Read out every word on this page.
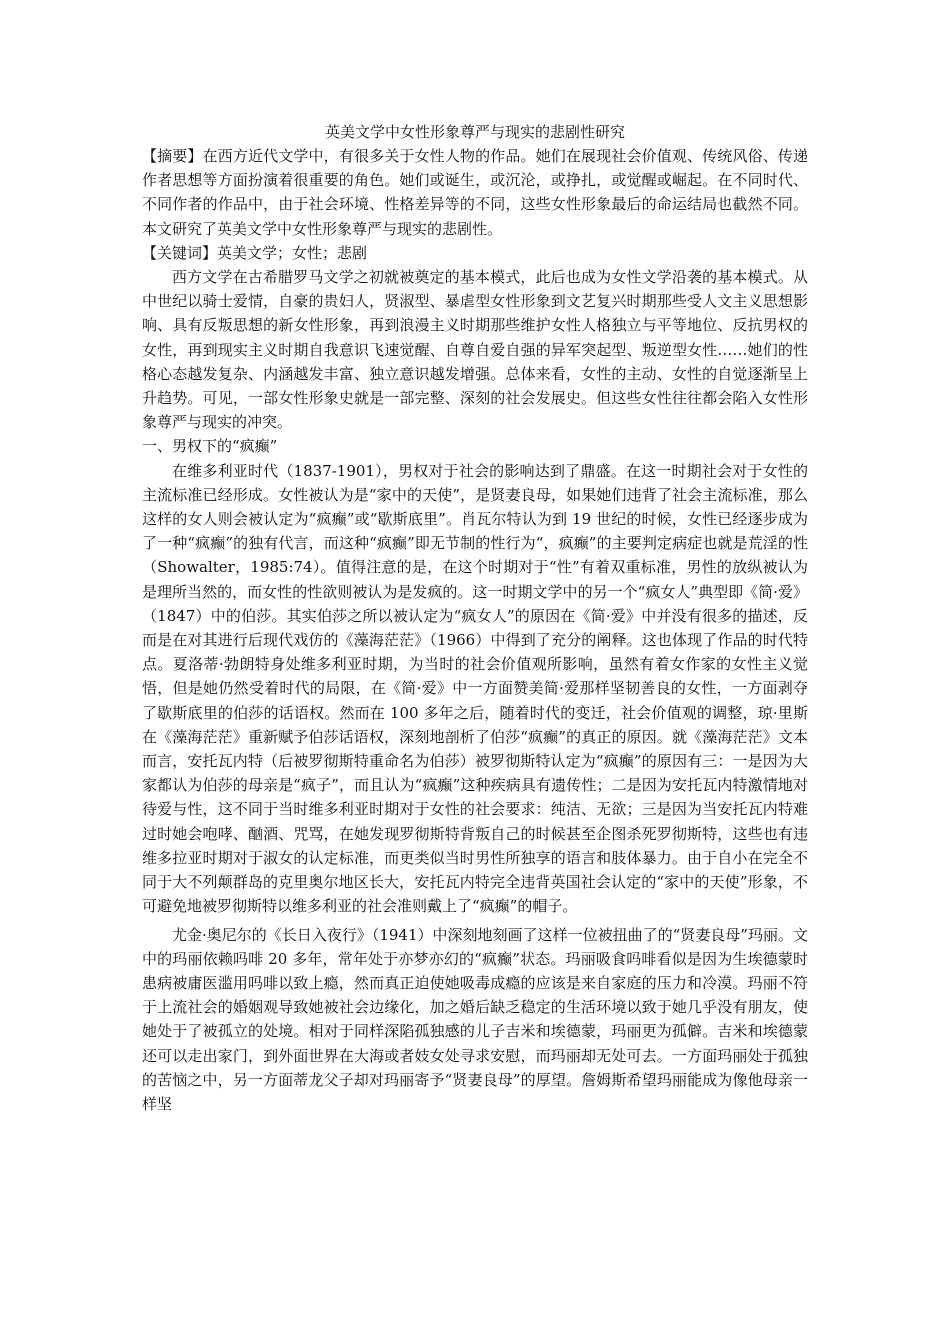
英美文学中女性形象尊严与现实的悲剧性研究

【摘要】在西方近代文学中，有很多关于女性人物的作品。她们在展现社会价值观、传统风俗、传递作者思想等方面扮演着很重要的角色。她们或诞生，或沉沦，或挣扎，或觉醒或崛起。在不同时代、不同作者的作品中，由于社会环境、性格差异等的不同，这些女性形象最后的命运结局也截然不同。本文研究了英美文学中女性形象尊严与现实的悲剧性。

【关键词】英美文学；女性；悲剧

西方文学在古希腊罗马文学之初就被奠定的基本模式，此后也成为女性文学沿袭的基本模式。从中世纪以骑士爱情，自豪的贵妇人，贤淑型、暴虐型女性形象到文艺复兴时期那些受人文主义思想影响、具有反叛思想的新女性形象，再到浪漫主义时期那些维护女性人格独立与平等地位、反抗男权的女性，再到现实主义时期自我意识飞速觉醒、自尊自爱自强的异军突起型、叛逆型女性……她们的性格心态越发复杂、内涵越发丰富、独立意识越发增强。总体来看，女性的主动、女性的自觉逐渐呈上升趋势。可见，一部女性形象史就是一部完整、深刻的社会发展史。但这些女性往往都会陷入女性形象尊严与现实的冲突。

一、男权下的“疯癫”

在维多利亚时代（1837-1901），男权对于社会的影响达到了鼎盛。在这一时期社会对于女性的主流标准已经形成。女性被认为是“家中的天使”，是贤妻良母，如果她们违背了社会主流标准，那么这样的女人则会被认定为“疯癫”或“歇斯底里”。肖瓦尔特认为到 19 世纪的时候，女性已经逐步成为了一种“疯癫”的独有代言，而这种“疯癫”即无节制的性行为“，疯癫”的主要判定病症也就是荒淫的性（Showalter，1985:74）。值得注意的是，在这个时期对于“性”有着双重标准，男性的放纵被认为是理所当然的，而女性的性欲则被认为是发疯的。这一时期文学中的另一个“疯女人”典型即《简·爱》（1847）中的伯莎。其实伯莎之所以被认定为“疯女人”的原因在《简·爱》中并没有很多的描述，反而是在对其进行后现代戏仿的《藻海茫茫》（1966）中得到了充分的阐释。这也体现了作品的时代特点。夏洛蒂·勃朗特身处维多利亚时期，为当时的社会价值观所影响，虽然有着女作家的女性主义觉悟，但是她仍然受着时代的局限，在《简·爱》中一方面赞美简·爱那样坚韧善良的女性，一方面剥夺了歇斯底里的伯莎的话语权。然而在 100 多年之后，随着时代的变迁，社会价值观的调整，琼·里斯在《藻海茫茫》重新赋予伯莎话语权，深刻地剖析了伯莎“疯癫”的真正的原因。就《藻海茫茫》文本而言，安托瓦内特（后被罗彻斯特重命名为伯莎）被罗彻斯特认定为“疯癫”的原因有三：一是因为大家都认为伯莎的母亲是“疯子”，而且认为“疯癫”这种疾病具有遗传性；二是因为安托瓦内特激情地对待爱与性，这不同于当时维多利亚时期对于女性的社会要求：纯洁、无欲；三是因为当安托瓦内特难过时她会咆哮、酗酒、咒骂，在她发现罗彻斯特背叛自己的时候甚至企图杀死罗彻斯特，这些也有违维多拉亚时期对于淑女的认定标准，而更类似当时男性所独享的语言和肢体暴力。由于自小在完全不同于大不列颠群岛的克里奥尔地区长大，安托瓦内特完全违背英国社会认定的“家中的天使”形象，不可避免地被罗彻斯特以维多利亚的社会准则戴上了“疯癫”的帽子。

尤金·奥尼尔的《长日入夜行》（1941）中深刻地刻画了这样一位被扭曲了的“贤妻良母”玛丽。文中的玛丽依赖吗啡 20 多年，常年处于亦梦亦幻的“疯癫”状态。玛丽吸食吗啡看似是因为生埃德蒙时患病被庸医滥用吗啡以致上瘾，然而真正迫使她吸毒成瘾的应该是来自家庭的压力和冷漠。玛丽不符于上流社会的婚姻观导致她被社会边缘化，加之婚后缺乏稳定的生活环境以致于她几乎没有朋友，使她处于了被孤立的处境。相对于同样深陷孤独感的儿子吉米和埃德蒙，玛丽更为孤僻。吉米和埃德蒙还可以走出家门，到外面世界在大海或者妓女处寻求安慰，而玛丽却无处可去。一方面玛丽处于孤独的苦恼之中，另一方面蒂龙父子却对玛丽寄予“贤妻良母”的厚望。詹姆斯希望玛丽能成为像他母亲一样坚
